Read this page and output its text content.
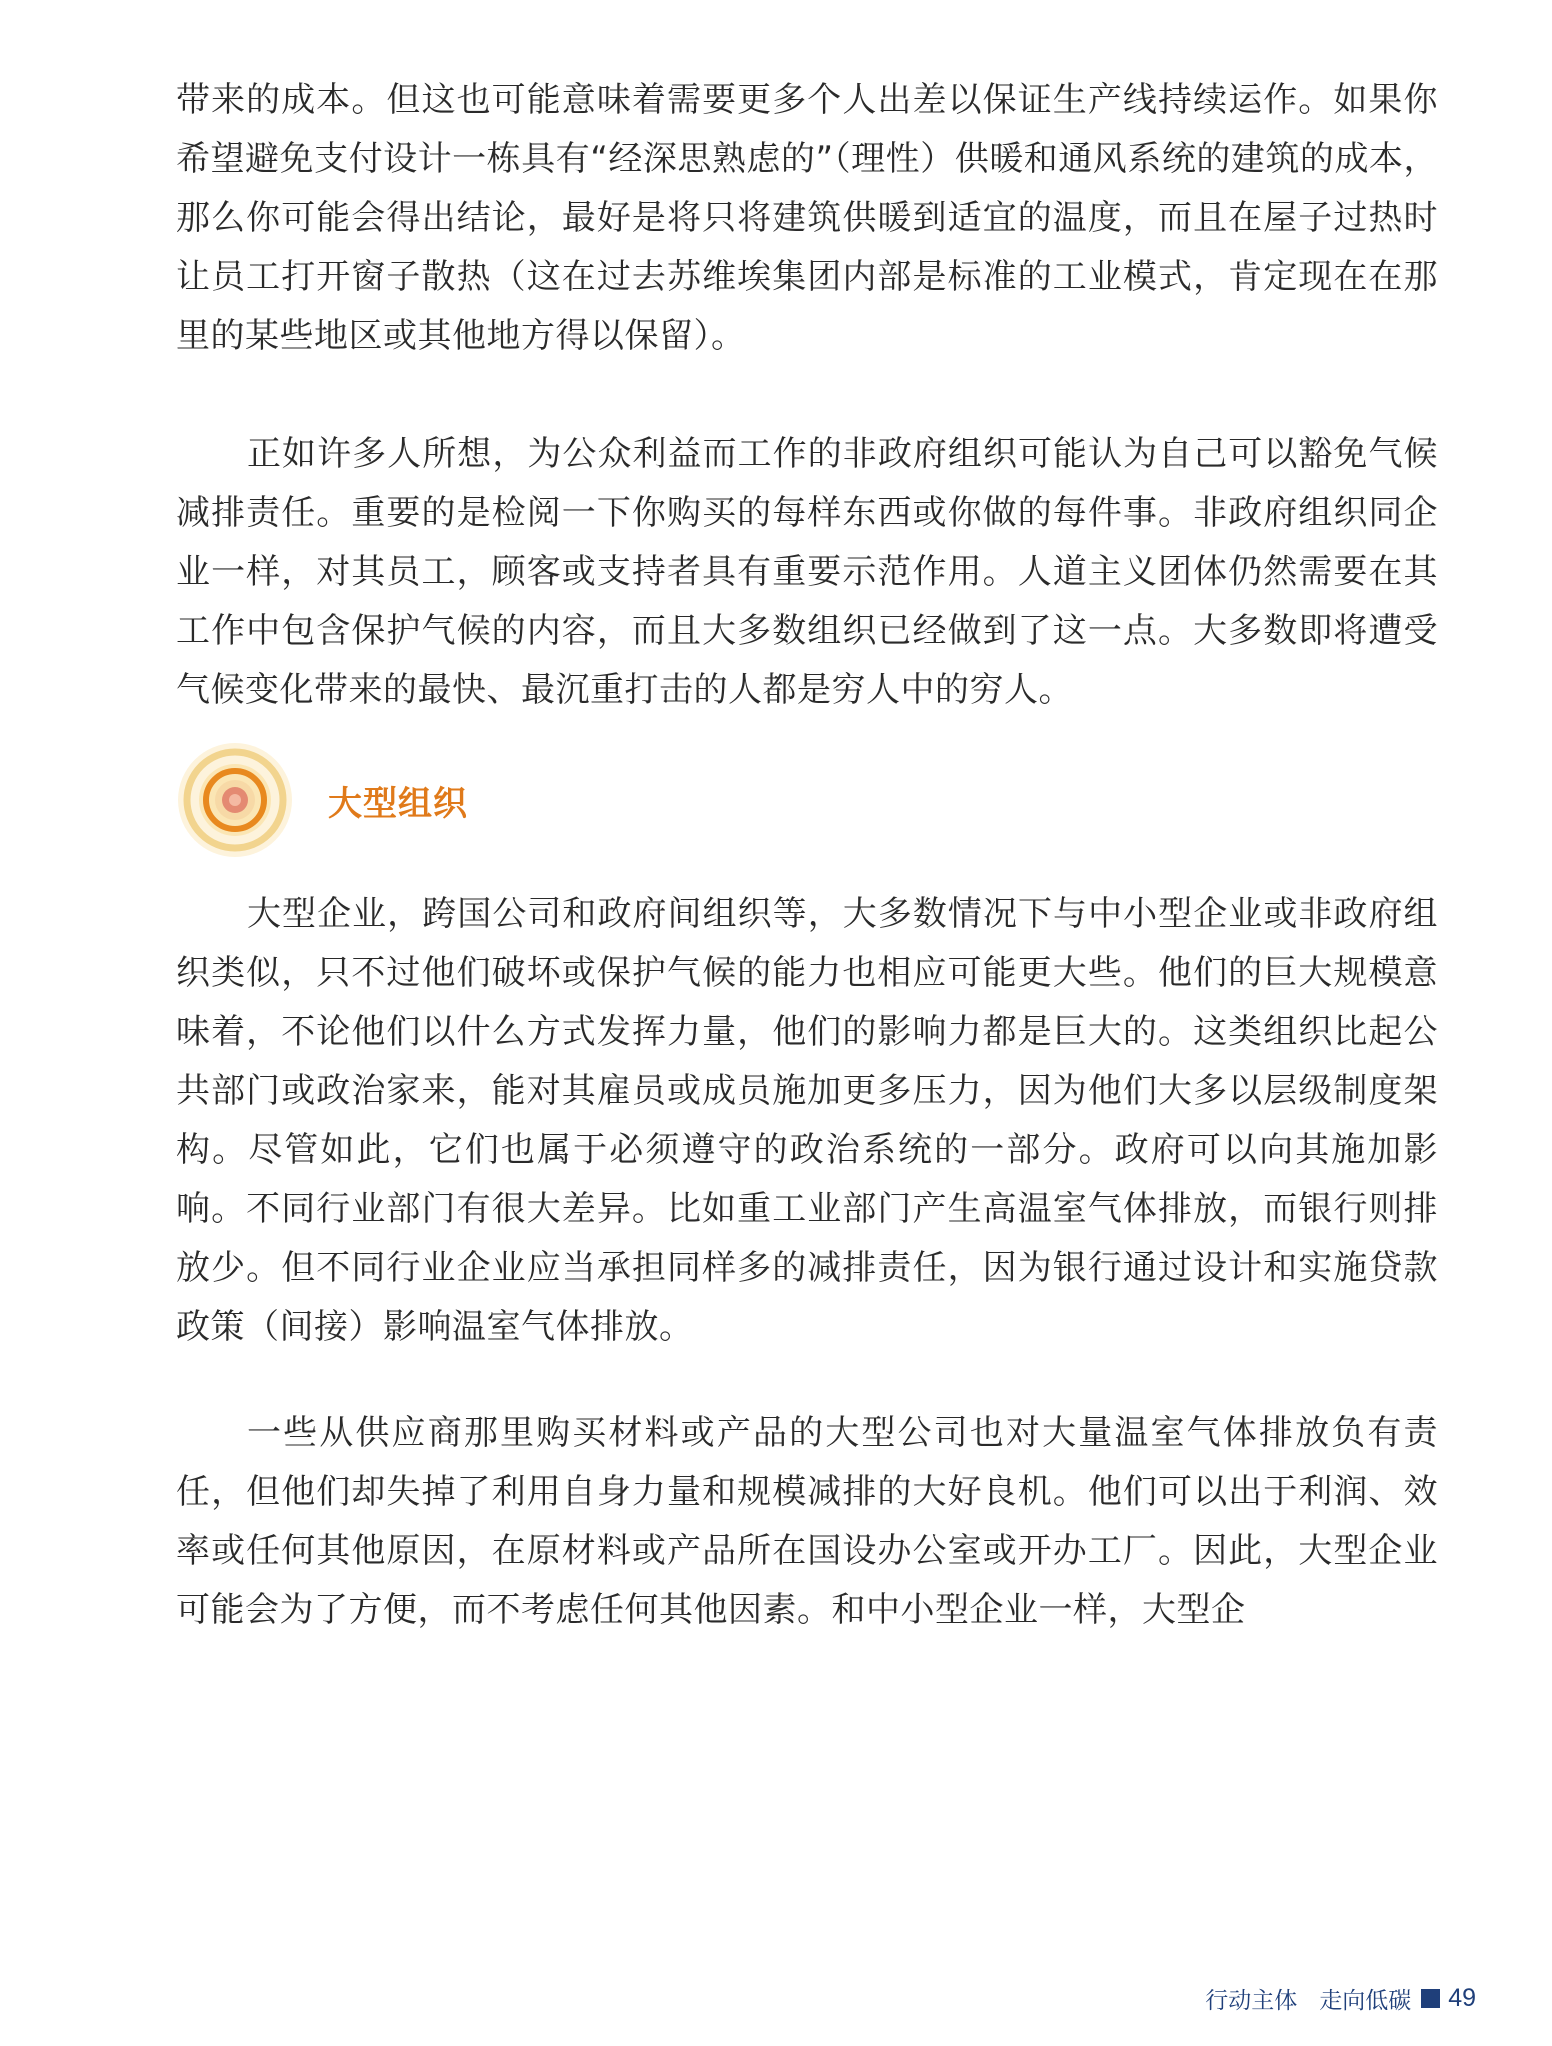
带来的成本。但这也可能意味着需要更多个人出差以保证生产线持续运作。如果你希望避免支付设计一栋具有“经深思熟虑的”（理性）供暖和通风系统的建筑的成本，那么你可能会得出结论，最好是将只将建筑供暖到适宜的温度，而且在屋子过热时让员工打开窗子散热（这在过去苏维埃集团内部是标准的工业模式，肯定现在在那里的某些地区或其他地方得以保留）。

正如许多人所想，为公众利益而工作的非政府组织可能认为自己可以豁免气候减排责任。重要的是检阅一下你购买的每样东西或你做的每件事。非政府组织同企业一样，对其员工，顾客或支持者具有重要示范作用。人道主义团体仍然需要在其工作中包含保护气候的内容，而且大多数组织已经做到了这一点。大多数即将遭受气候变化带来的最快、最沉重打击的人都是穷人中的穷人。

大型组织

大型企业，跨国公司和政府间组织等，大多数情况下与中小型企业或非政府组织类似，只不过他们破坏或保护气候的能力也相应可能更大些。他们的巨大规模意味着，不论他们以什么方式发挥力量，他们的影响力都是巨大的。这类组织比起公共部门或政治家来，能对其雇员或成员施加更多压力，因为他们大多以层级制度架构。尽管如此，它们也属于必须遵守的政治系统的一部分。政府可以向其施加影响。不同行业部门有很大差异。比如重工业部门产生高温室气体排放，而银行则排放少。但不同行业企业应当承担同样多的减排责任，因为银行通过设计和实施贷款政策（间接）影响温室气体排放。

一些从供应商那里购买材料或产品的大型公司也对大量温室气体排放负有责任，但他们却失掉了利用自身力量和规模减排的大好良机。他们可以出于利润、效率或任何其他原因，在原材料或产品所在国设办公室或开办工厂。因此，大型企业可能会为了方便，而不考虑任何其他因素。和中小型企业一样，大型企

行动主体 走向低碳 49
